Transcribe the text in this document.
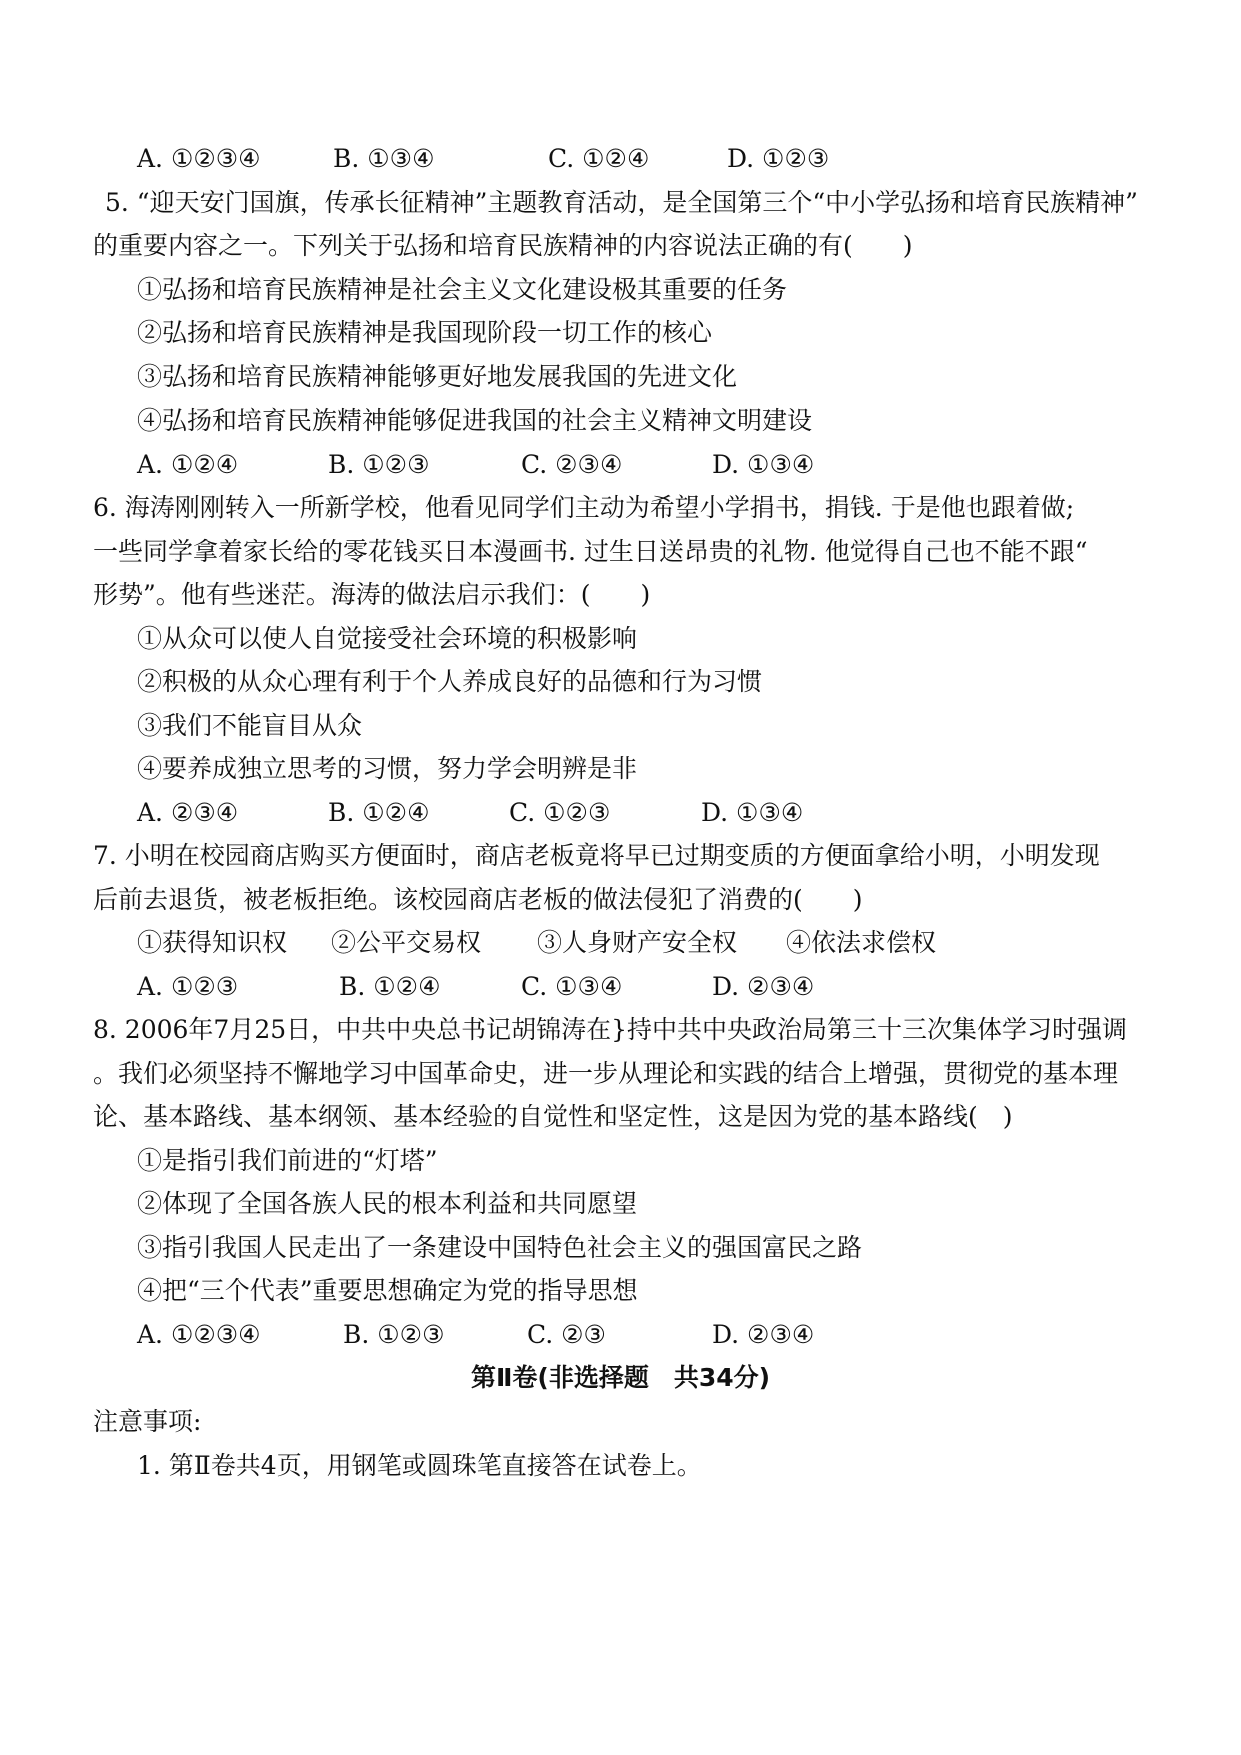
A. ①②③④	B. ①③④	C. ①②④	D. ①②③
5. “迎天安门国旗，传承长征精神”主题教育活动，是全国第三个“中小学弘扬和培育民族精神”
的重要内容之一。下列关于弘扬和培育民族精神的内容说法正确的有(　　)
①弘扬和培育民族精神是社会主义文化建设极其重要的任务
②弘扬和培育民族精神是我国现阶段一切工作的核心
③弘扬和培育民族精神能够更好地发展我国的先进文化
④弘扬和培育民族精神能够促进我国的社会主义精神文明建设
A. ①②④	B. ①②③	C. ②③④	D. ①③④
6. 海涛刚刚转入一所新学校，他看见同学们主动为希望小学捐书，捐钱. 于是他也跟着做;
一些同学拿着家长给的零花钱买日本漫画书. 过生日送昂贵的礼物. 他觉得自己也不能不跟“
形势”。他有些迷茫。海涛的做法启示我们：(　　)
①从众可以使人自觉接受社会环境的积极影响
②积极的从众心理有利于个人养成良好的品德和行为习惯
③我们不能盲目从众
④要养成独立思考的习惯，努力学会明辨是非
A. ②③④	B. ①②④	C. ①②③	D. ①③④
7. 小明在校园商店购买方便面时，商店老板竟将早已过期变质的方便面拿给小明，小明发现
后前去退货，被老板拒绝。该校园商店老板的做法侵犯了消费的(　　)
①获得知识权 ②公平交易权 ③人身财产安全权 ④依法求偿权
A. ①②③	B. ①②④	C. ①③④	D. ②③④
8. 2006年7月25日，中共中央总书记胡锦涛在}持中共中央政治局第三十三次集体学习时强调
。我们必须坚持不懈地学习中国革命史，进一步从理论和实践的结合上增强，贯彻党的基本理
论、基本路线、基本纲领、基本经验的自觉性和坚定性，这是因为党的基本路线(　)
①是指引我们前进的“灯塔”
②体现了全国各族人民的根本利益和共同愿望
③指引我国人民走出了一条建设中国特色社会主义的强国富民之路
④把“三个代表”重要思想确定为党的指导思想
A. ①②③④	B. ①②③	C. ②③	D. ②③④
第Ⅱ卷(非选择题　共34分)
注意事项:
1. 第Ⅱ卷共4页，用钢笔或圆珠笔直接答在试卷上。
